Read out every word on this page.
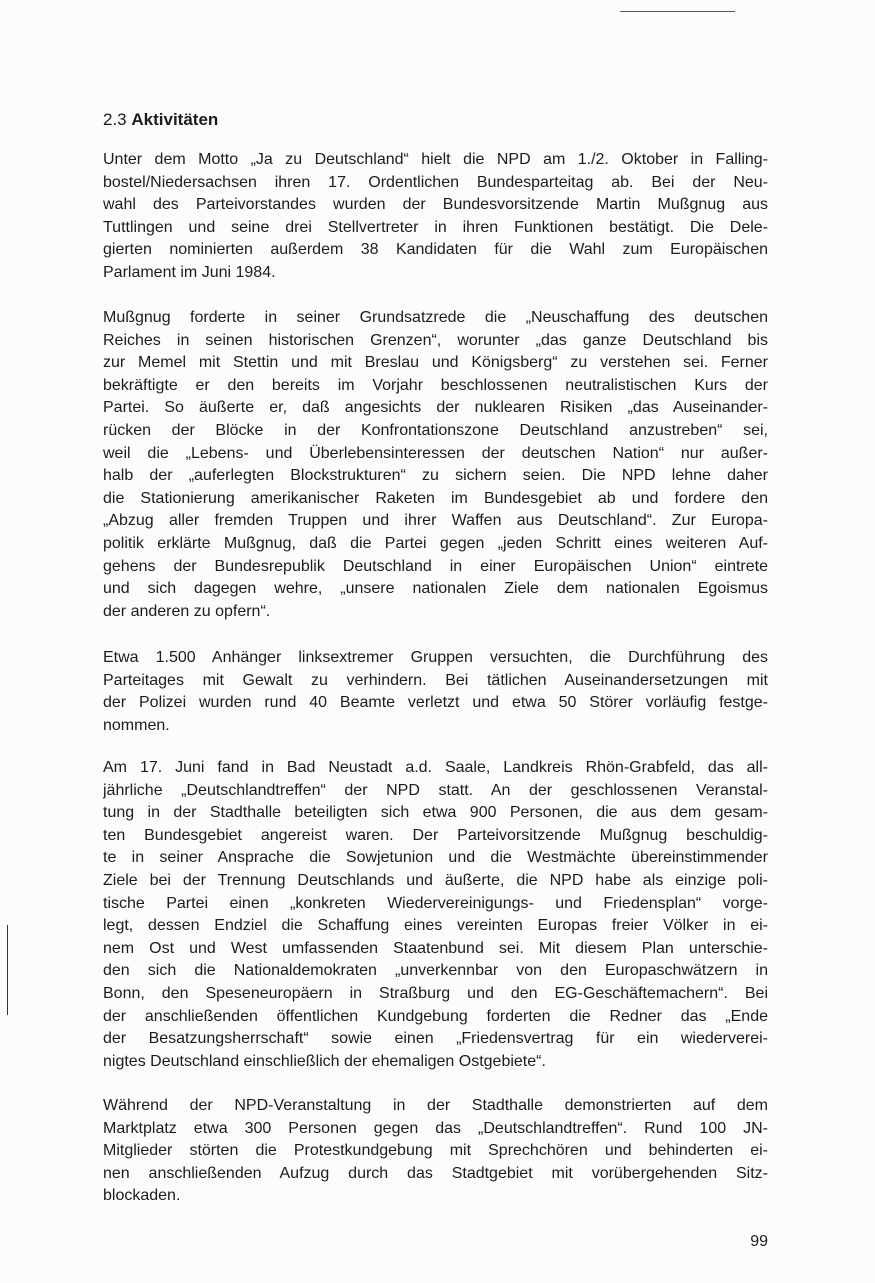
2.3 Aktivitäten
Unter dem Motto „Ja zu Deutschland“ hielt die NPD am 1./2. Oktober in Falling-
bostel/Niedersachsen ihren 17. Ordentlichen Bundesparteitag ab. Bei der Neu-
wahl des Parteivorstandes wurden der Bundesvorsitzende Martin Mußgnug aus
Tuttlingen und seine drei Stellvertreter in ihren Funktionen bestätigt. Die Dele-
gierten nominierten außerdem 38 Kandidaten für die Wahl zum Europäischen
Parlament im Juni 1984.
Mußgnug forderte in seiner Grundsatzrede die „Neuschaffung des deutschen
Reiches in seinen historischen Grenzen“, worunter „das ganze Deutschland bis
zur Memel mit Stettin und mit Breslau und Königsberg“ zu verstehen sei. Ferner
bekräftigte er den bereits im Vorjahr beschlossenen neutralistischen Kurs der
Partei. So äußerte er, daß angesichts der nuklearen Risiken „das Auseinander-
rücken der Blöcke in der Konfrontationszone Deutschland anzustreben“ sei,
weil die „Lebens- und Überlebensinteressen der deutschen Nation“ nur außer-
halb der „auferlegten Blockstrukturen“ zu sichern seien. Die NPD lehne daher
die Stationierung amerikanischer Raketen im Bundesgebiet ab und fordere den
„Abzug aller fremden Truppen und ihrer Waffen aus Deutschland“. Zur Europa-
politik erklärte Mußgnug, daß die Partei gegen „jeden Schritt eines weiteren Auf-
gehens der Bundesrepublik Deutschland in einer Europäischen Union“ eintrete
und sich dagegen wehre, „unsere nationalen Ziele dem nationalen Egoismus
der anderen zu opfern“.
Etwa 1.500 Anhänger linksextremer Gruppen versuchten, die Durchführung des
Parteitages mit Gewalt zu verhindern. Bei tätlichen Auseinandersetzungen mit
der Polizei wurden rund 40 Beamte verletzt und etwa 50 Störer vorläufig festge-
nommen.
Am 17. Juni fand in Bad Neustadt a.d. Saale, Landkreis Rhön-Grabfeld, das all-
jährliche „Deutschlandtreffen“ der NPD statt. An der geschlossenen Veranstal-
tung in der Stadthalle beteiligten sich etwa 900 Personen, die aus dem gesam-
ten Bundesgebiet angereist waren. Der Parteivorsitzende Mußgnug beschuldig-
te in seiner Ansprache die Sowjetunion und die Westmächte übereinstimmender
Ziele bei der Trennung Deutschlands und äußerte, die NPD habe als einzige poli-
tische Partei einen „konkreten Wiedervereinigungs- und Friedensplan“ vorge-
legt, dessen Endziel die Schaffung eines vereinten Europas freier Völker in ei-
nem Ost und West umfassenden Staatenbund sei. Mit diesem Plan unterschie-
den sich die Nationaldemokraten „unverkennbar von den Europaschwätzern in
Bonn, den Speseneuropäern in Straßburg und den EG-Geschäftemachern“. Bei
der anschließenden öffentlichen Kundgebung forderten die Redner das „Ende
der Besatzungsherrschaft“ sowie einen „Friedensvertrag für ein wiederverei-
nigtes Deutschland einschließlich der ehemaligen Ostgebiete“.
Während der NPD-Veranstaltung in der Stadthalle demonstrierten auf dem
Marktplatz etwa 300 Personen gegen das „Deutschlandtreffen“. Rund 100 JN-
Mitglieder störten die Protestkundgebung mit Sprechchören und behinderten ei-
nen anschließenden Aufzug durch das Stadtgebiet mit vorübergehenden Sitz-
blockaden.
99
